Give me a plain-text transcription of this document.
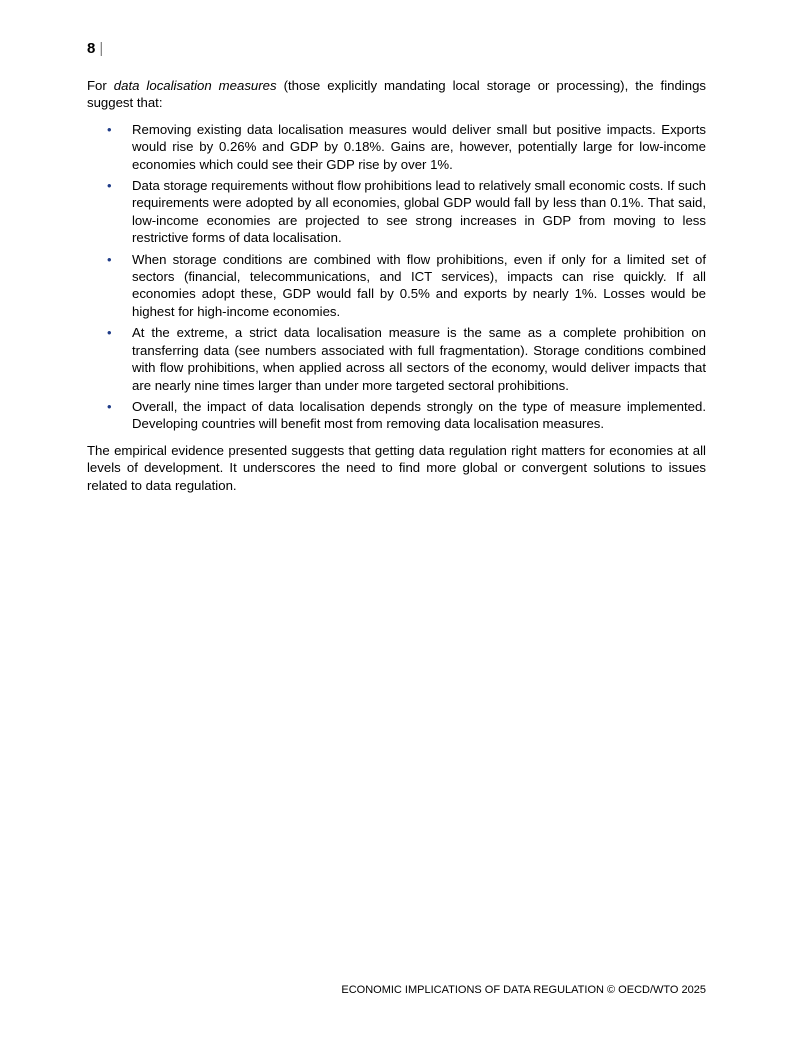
8 |

For data localisation measures (those explicitly mandating local storage or processing), the findings suggest that:

• Removing existing data localisation measures would deliver small but positive impacts. Exports would rise by 0.26% and GDP by 0.18%. Gains are, however, potentially large for low-income economies which could see their GDP rise by over 1%.
• Data storage requirements without flow prohibitions lead to relatively small economic costs. If such requirements were adopted by all economies, global GDP would fall by less than 0.1%. That said, low-income economies are projected to see strong increases in GDP from moving to less restrictive forms of data localisation.
• When storage conditions are combined with flow prohibitions, even if only for a limited set of sectors (financial, telecommunications, and ICT services), impacts can rise quickly. If all economies adopt these, GDP would fall by 0.5% and exports by nearly 1%. Losses would be highest for high-income economies.
• At the extreme, a strict data localisation measure is the same as a complete prohibition on transferring data (see numbers associated with full fragmentation). Storage conditions combined with flow prohibitions, when applied across all sectors of the economy, would deliver impacts that are nearly nine times larger than under more targeted sectoral prohibitions.
• Overall, the impact of data localisation depends strongly on the type of measure implemented. Developing countries will benefit most from removing data localisation measures.

The empirical evidence presented suggests that getting data regulation right matters for economies at all levels of development. It underscores the need to find more global or convergent solutions to issues related to data regulation.

ECONOMIC IMPLICATIONS OF DATA REGULATION © OECD/WTO 2025
